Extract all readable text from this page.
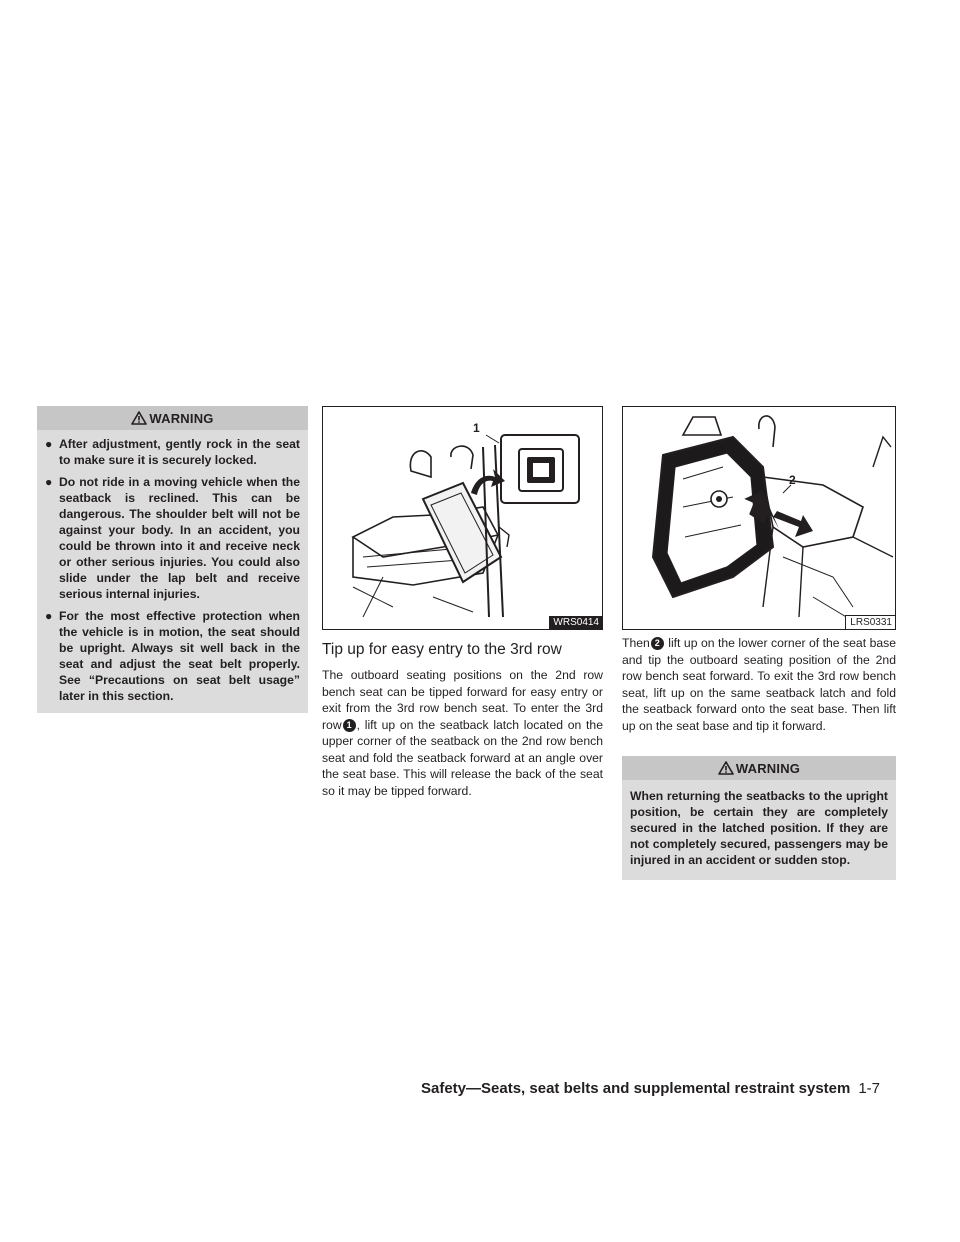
WARNING
● After adjustment, gently rock in the seat to make sure it is securely locked.
● Do not ride in a moving vehicle when the seatback is reclined. This can be dangerous. The shoulder belt will not be against your body. In an accident, you could be thrown into it and receive neck or other serious injuries. You could also slide under the lap belt and receive serious internal injuries.
● For the most effective protection when the vehicle is in motion, the seat should be upright. Always sit well back in the seat and adjust the seat belt properly. See “Precautions on seat belt usage” later in this section.
1
WRS0414
Tip up for easy entry to the 3rd row

The outboard seating positions on the 2nd row bench seat can be tipped forward for easy entry or exit from the 3rd row bench seat. To enter the 3rd row 1 , lift up on the seatback latch located on the upper corner of the seatback on the 2nd row bench seat and fold the seatback forward at an angle over the seat base. This will release the back of the seat so it may be tipped forward.

2
LRS0331

Then 2 lift up on the lower corner of the seat base and tip the outboard seating position of the 2nd row bench seat forward. To exit the 3rd row bench seat, lift up on the same seatback latch and fold the seatback forward onto the seat base. Then lift up on the seat base and tip it forward.

WARNING

When returning the seatbacks to the upright position, be certain they are completely secured in the latched position. If they are not completely secured, passengers may be injured in an accident or sudden stop.

Safety—Seats, seat belts and supplemental restraint system 1-7
